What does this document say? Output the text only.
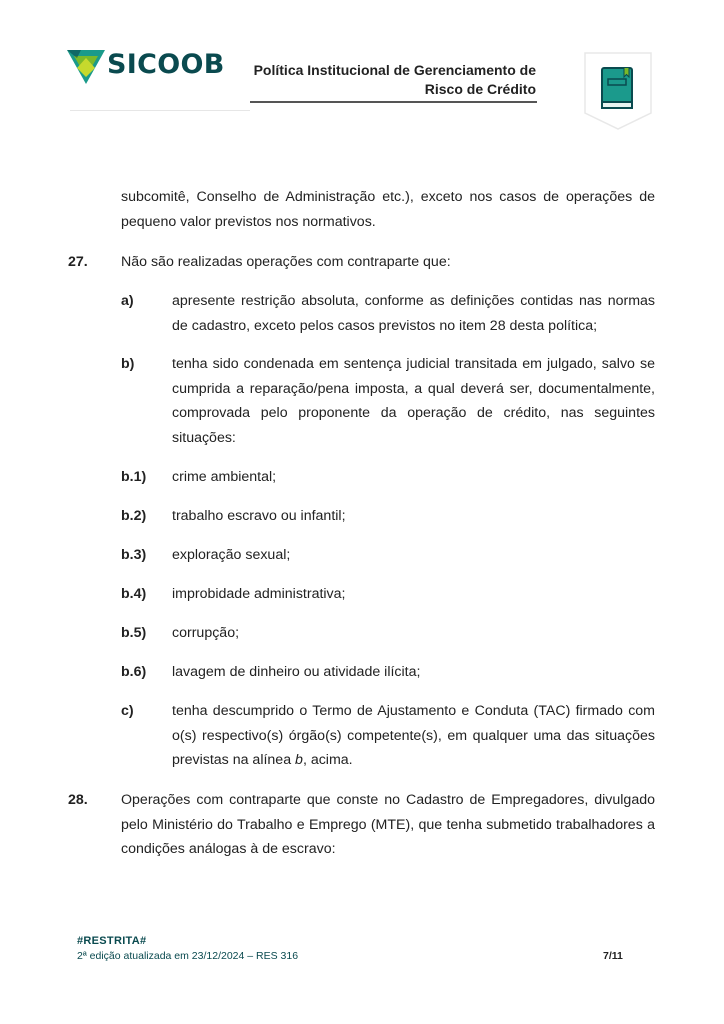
SICOOB	Política Institucional de Gerenciamento de
Risco de Crédito
subcomitê, Conselho de Administração etc.), exceto nos casos de operações de pequeno valor previstos nos normativos.
27. Não são realizadas operações com contraparte que:
a)	apresente restrição absoluta, conforme as definições contidas nas normas de cadastro, exceto pelos casos previstos no item 28 desta política;
b)	tenha sido condenada em sentença judicial transitada em julgado, salvo se cumprida a reparação/pena imposta, a qual deverá ser, documentalmente, comprovada pelo proponente da operação de crédito, nas seguintes situações:
b.1) crime ambiental;
b.2) trabalho escravo ou infantil;
b.3) exploração sexual;
b.4) improbidade administrativa;
b.5) corrupção;
b.6) lavagem de dinheiro ou atividade ilícita;
c)	tenha descumprido o Termo de Ajustamento e Conduta (TAC) firmado com o(s) respectivo(s) órgão(s) competente(s), em qualquer uma das situações previstas na alínea b, acima.
28. Operações com contraparte que conste no Cadastro de Empregadores, divulgado pelo Ministério do Trabalho e Emprego (MTE), que tenha submetido trabalhadores a condições análogas à de escravo:
#RESTRITA#
2ª edição atualizada em 23/12/2024 – RES 316	7/11
